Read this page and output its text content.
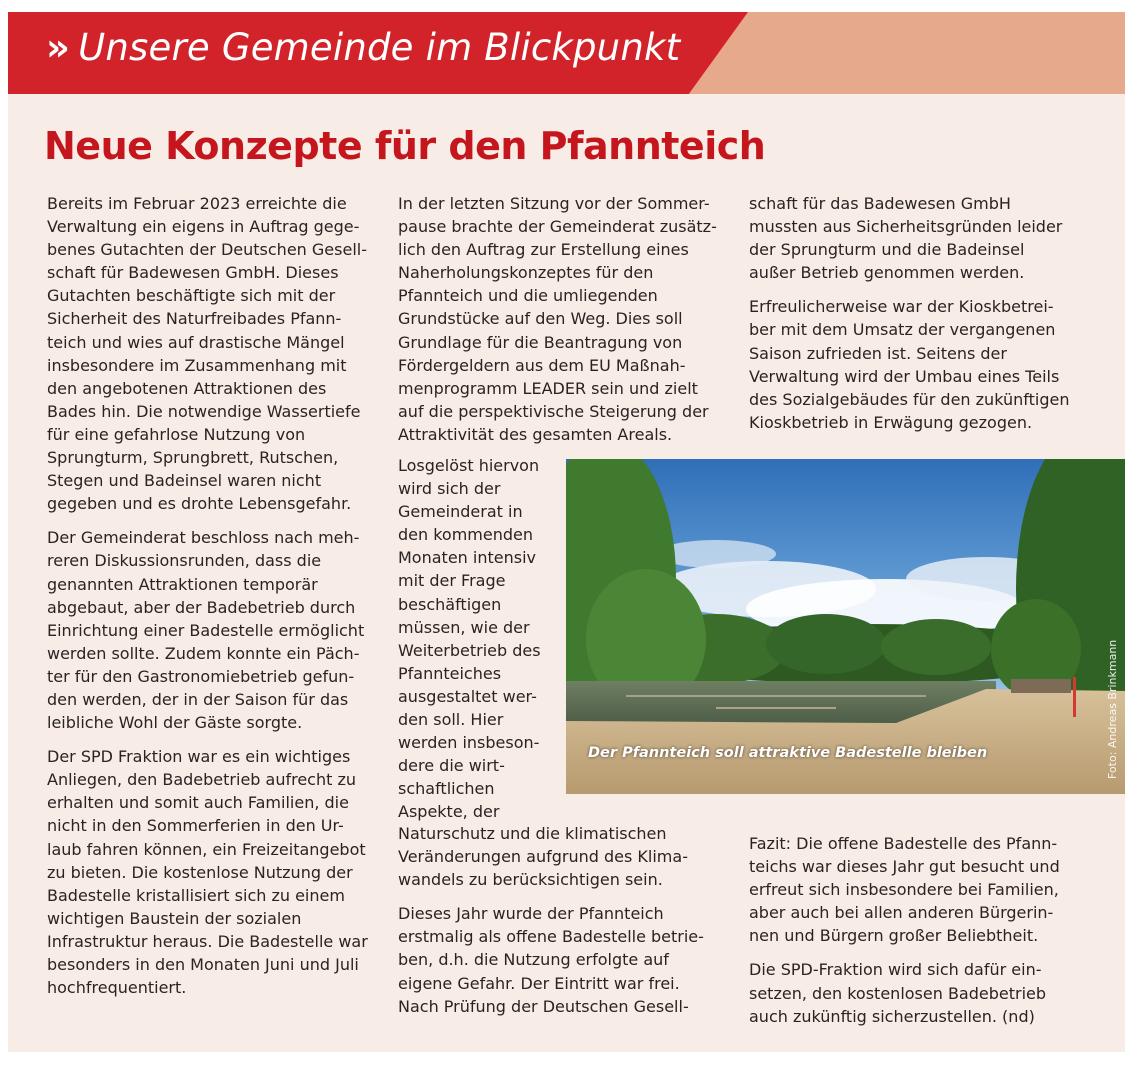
» Unsere Gemeinde im Blickpunkt
Neue Konzepte für den Pfannteich

Bereits im Februar 2023 erreichte die
Verwaltung ein eigens in Auftrag gege-
benes Gutachten der Deutschen Gesell-
schaft für Badewesen GmbH. Dieses
Gutachten beschäftigte sich mit der
Sicherheit des Naturfreibades Pfann-
teich und wies auf drastische Mängel
insbesondere im Zusammenhang mit
den angebotenen Attraktionen des
Bades hin. Die notwendige Wassertiefe
für eine gefahrlose Nutzung von
Sprungturm, Sprungbrett, Rutschen,
Stegen und Badeinsel waren nicht
gegeben und es drohte Lebensgefahr.

Der Gemeinderat beschloss nach meh-
reren Diskussionsrunden, dass die
genannten Attraktionen temporär
abgebaut, aber der Badebetrieb durch
Einrichtung einer Badestelle ermöglicht
werden sollte. Zudem konnte ein Päch-
ter für den Gastronomiebetrieb gefun-
den werden, der in der Saison für das
leibliche Wohl der Gäste sorgte.

Der SPD Fraktion war es ein wichtiges
Anliegen, den Badebetrieb aufrecht zu
erhalten und somit auch Familien, die
nicht in den Sommerferien in den Ur-
laub fahren können, ein Freizeitangebot
zu bieten. Die kostenlose Nutzung der
Badestelle kristallisiert sich zu einem
wichtigen Baustein der sozialen
Infrastruktur heraus. Die Badestelle war
besonders in den Monaten Juni und Juli
hochfrequentiert.

In der letzten Sitzung vor der Sommer-
pause brachte der Gemeinderat zusätz-
lich den Auftrag zur Erstellung eines
Naherholungskonzeptes für den
Pfannteich und die umliegenden
Grundstücke auf den Weg. Dies soll
Grundlage für die Beantragung von
Fördergeldern aus dem EU Maßnah-
menprogramm LEADER sein und zielt
auf die perspektivische Steigerung der
Attraktivität des gesamten Areals.

Losgelöst hiervon
wird sich der
Gemeinderat in
den kommenden
Monaten intensiv
mit der Frage
beschäftigen
müssen, wie der
Weiterbetrieb des
Pfannteiches
ausgestaltet wer-
den soll. Hier
werden insbeson-
dere die wirt-
schaftlichen
Aspekte, der

Naturschutz und die klimatischen
Veränderungen aufgrund des Klima-
wandels zu berücksichtigen sein.

Dieses Jahr wurde der Pfannteich
erstmalig als offene Badestelle betrie-
ben, d.h. die Nutzung erfolgte auf
eigene Gefahr. Der Eintritt war frei.
Nach Prüfung der Deutschen Gesell-

schaft für das Badewesen GmbH
mussten aus Sicherheitsgründen leider
der Sprungturm und die Badeinsel
außer Betrieb genommen werden.

Erfreulicherweise war der Kioskbetrei-
ber mit dem Umsatz der vergangenen
Saison zufrieden ist. Seitens der
Verwaltung wird der Umbau eines Teils
des Sozialgebäudes für den zukünftigen
Kioskbetrieb in Erwägung gezogen.

Fazit: Die offene Badestelle des Pfann-
teichs war dieses Jahr gut besucht und
erfreut sich insbesondere bei Familien,
aber auch bei allen anderen Bürgerin-
nen und Bürgern großer Beliebtheit.

Die SPD-Fraktion wird sich dafür ein-
setzen, den kostenlosen Badebetrieb
auch zukünftig sicherzustellen. (nd)

Der Pfannteich soll attraktive Badestelle bleiben	Foto: Andreas Brinkmann
